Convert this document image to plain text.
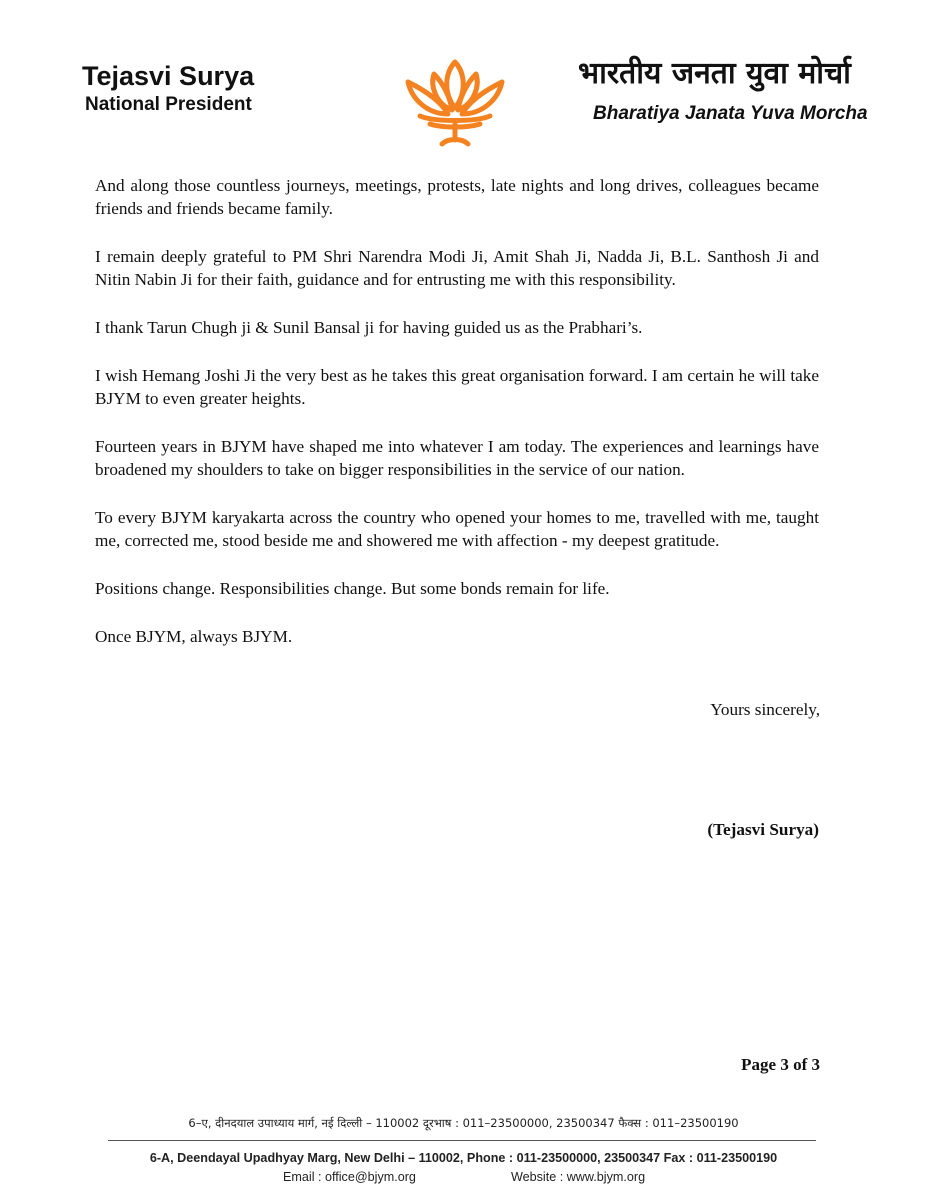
Tejasvi Surya
National President
भारतीय जनता युवा मोर्चा
Bharatiya Janata Yuva Morcha

And along those countless journeys, meetings, protests, late nights and long drives, colleagues became friends and friends became family.

I remain deeply grateful to PM Shri Narendra Modi Ji, Amit Shah Ji, Nadda Ji, B.L. Santhosh Ji and Nitin Nabin Ji for their faith, guidance and for entrusting me with this responsibility.

I thank Tarun Chugh ji & Sunil Bansal ji for having guided us as the Prabhari’s.

I wish Hemang Joshi Ji the very best as he takes this great organisation forward. I am certain he will take BJYM to even greater heights.

Fourteen years in BJYM have shaped me into whatever I am today. The experiences and learnings have broadened my shoulders to take on bigger responsibilities in the service of our nation.

To every BJYM karyakarta across the country who opened your homes to me, travelled with me, taught me, corrected me, stood beside me and showered me with affection - my deepest gratitude.

Positions change. Responsibilities change. But some bonds remain for life.

Once BJYM, always BJYM.

Yours sincerely,
(Tejasvi Surya)
Page 3 of 3
6–ए, दीनदयाल उपाध्याय मार्ग, नई दिल्ली – 110002 दूरभाष : 011–23500000, 23500347 फैक्स : 011–23500190
6-A, Deendayal Upadhyay Marg, New Delhi – 110002, Phone : 011-23500000, 23500347 Fax : 011-23500190
Email : office@bjym.org	Website : www.bjym.org
